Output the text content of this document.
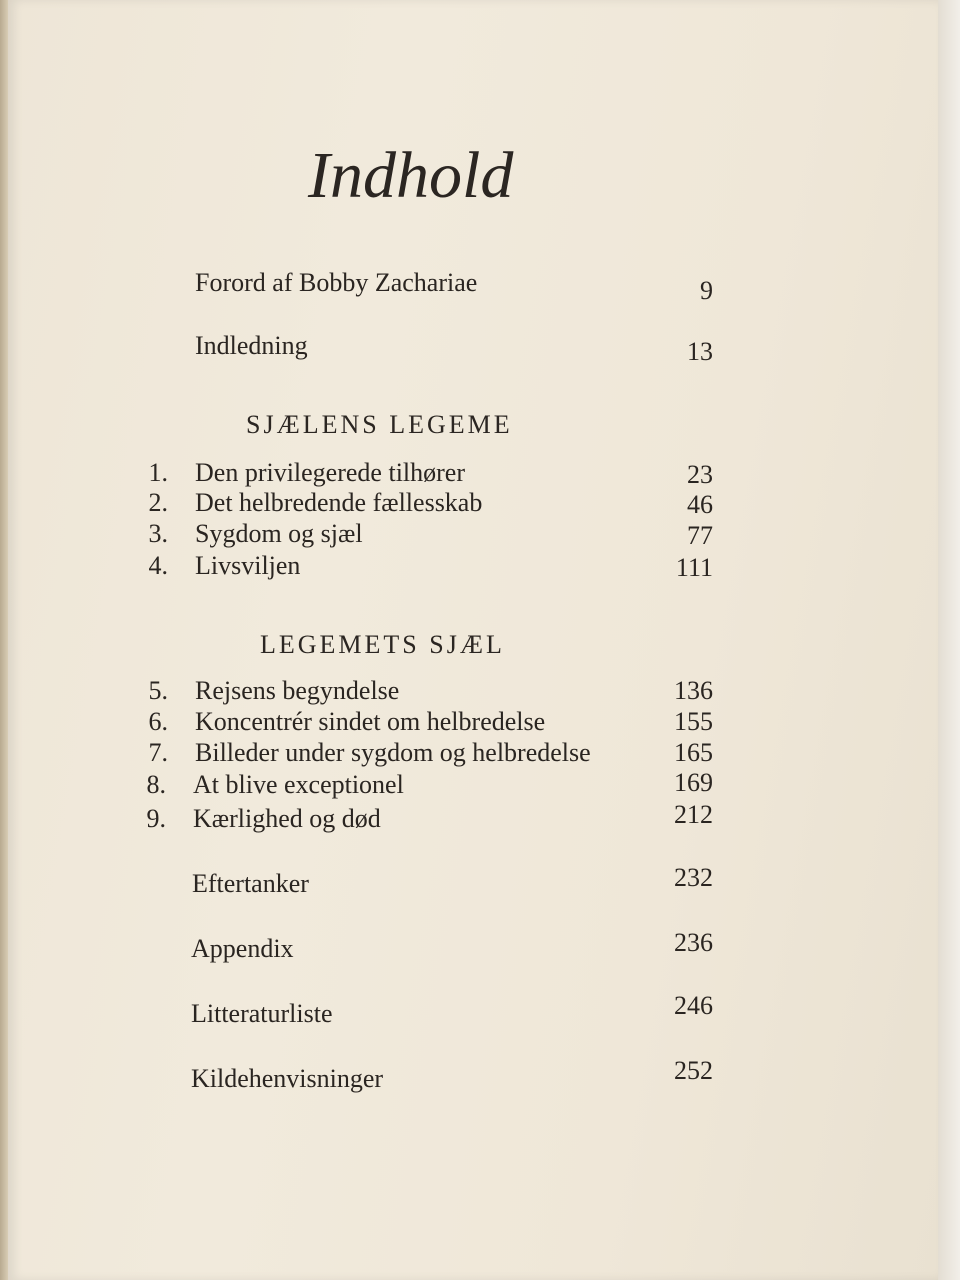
Indhold
Forord af Bobby Zachariae	9
Indledning	13
SJÆLENS LEGEME
1. Den privilegerede tilhører	23
2. Det helbredende fællesskab	46
3. Sygdom og sjæl	77
4. Livsviljen	111
LEGEMETS SJÆL
5. Rejsens begyndelse	136
6. Koncentrér sindet om helbredelse	155
7. Billeder under sygdom og helbredelse	165
8. At blive exceptionel	169
9. Kærlighed og død	212
Eftertanker	232
Appendix	236
Litteraturliste	246
Kildehenvisninger	252
